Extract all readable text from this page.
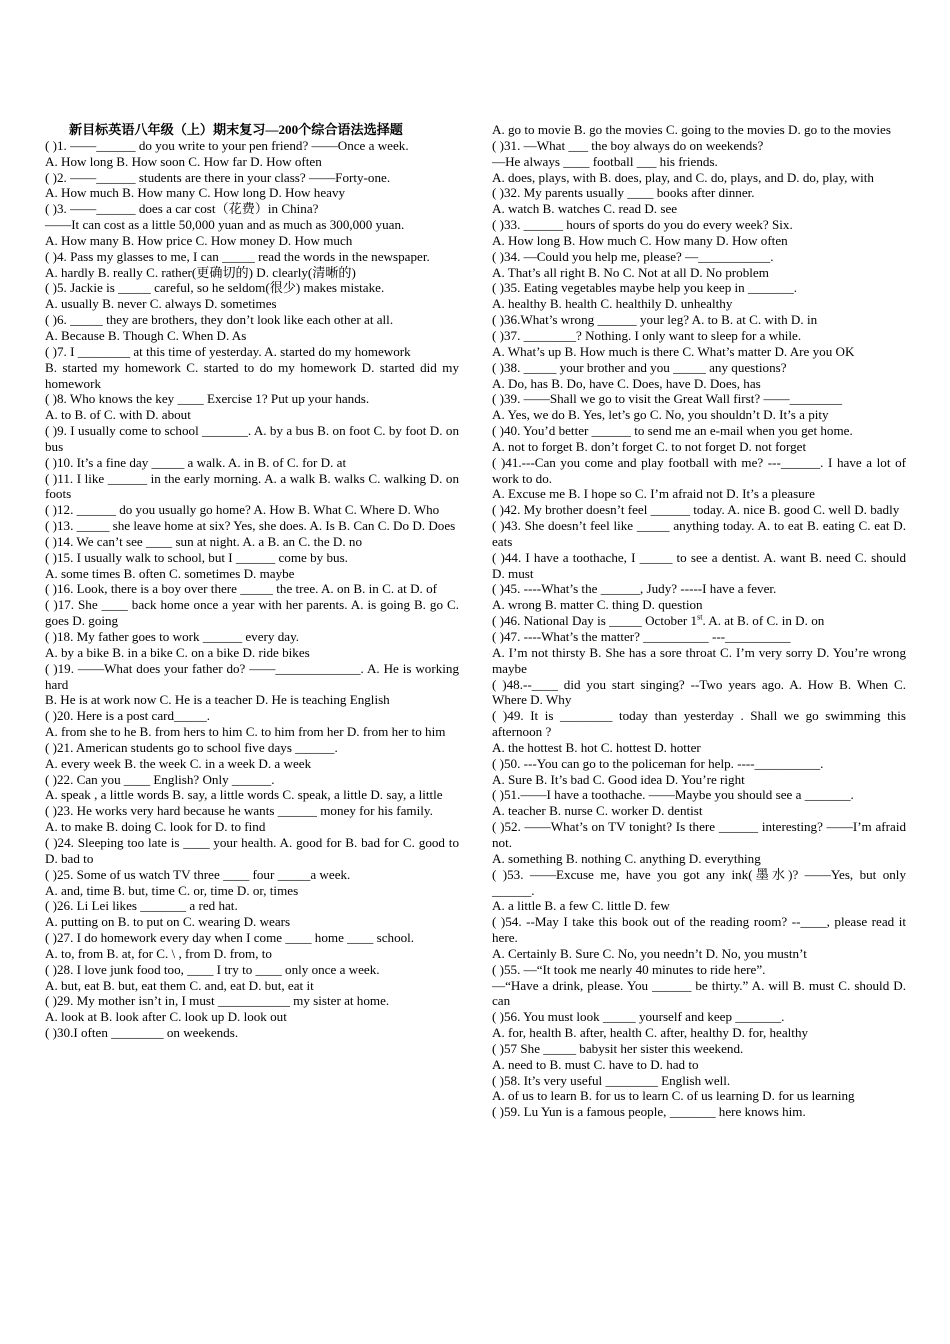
新目标英语八年级（上）期末复习—200个综合语法选择题
( )1. ——______ do you write to your pen friend? ——Once a week.
A. How long B. How soon C. How far D. How often
( )2. ——______ students are there in your class? ——Forty-one.
A. How much B. How many C. How long D. How heavy
( )3. ——______ does a car cost（花费）in China?
——It can cost as a little 50,000 yuan and as much as 300,000 yuan.
A. How many B. How price C. How money D. How much
( )4. Pass my glasses to me, I can _____ read the words in the newspaper.
A. hardly B. really C. rather(更确切的) D. clearly(清晰的)
( )5. Jackie is _____ careful, so he seldom(很少) makes mistake.
A. usually B. never C. always D. sometimes
( )6. _____ they are brothers, they don’t look like each other at all.
A. Because B. Though C. When D. As
( )7. I ________ at this time of yesterday. A. started do my homework
B. started my homework C. started to do my homework D. started did my homework
( )8. Who knows the key ____ Exercise 1? Put up your hands.
A. to B. of C. with D. about
( )9. I usually come to school _______. A. by a bus B. on foot C. by foot D. on bus
( )10. It’s a fine day _____ a walk. A. in B. of C. for D. at
( )11. I like ______ in the early morning. A. a walk B. walks C. walking D. on foots
( )12. ______ do you usually go home? A. How B. What C. Where D. Who
( )13. _____ she leave home at six? Yes, she does. A. Is B. Can C. Do D. Does
( )14. We can’t see ____ sun at night. A. a B. an C. the D. no
( )15. I usually walk to school, but I ______ come by bus.
A. some times B. often C. sometimes D. maybe
( )16. Look, there is a boy over there _____ the tree. A. on B. in C. at D. of
( )17. She ____ back home once a year with her parents. A. is going B. go C. goes D. going
( )18. My father goes to work ______ every day.
A. by a bike B. in a bike C. on a bike D. ride bikes
( )19. ——What does your father do? ——_____________. A. He is working hard
B. He is at work now C. He is a teacher D. He is teaching English
( )20. Here is a post card_____.
A. from she to he B. from hers to him C. to him from her D. from her to him
( )21. American students go to school five days ______.
A. every week B. the week C. in a week D. a week
( )22. Can you ____ English? Only ______.
A. speak , a little words B. say, a little words C. speak, a little D. say, a little
( )23. He works very hard because he wants ______ money for his family.
A. to make B. doing C. look for D. to find
( )24. Sleeping too late is ____ your health. A. good for B. bad for C. good to D. bad to
( )25. Some of us watch TV three ____ four _____a week.
A. and, time B. but, time C. or, time D. or, times
( )26. Li Lei likes _______ a red hat.
A. putting on B. to put on C. wearing D. wears
( )27. I do homework every day when I come ____ home ____ school.
A. to, from B. at, for C. \ , from D. from, to
( )28. I love junk food too, ____ I try to ____ only once a week.
A. but, eat B. but, eat them C. and, eat D. but, eat it
( )29. My mother isn’t in, I must ___________ my sister at home.
A. look at B. look after C. look up D. look out
( )30.I often ________ on weekends.
A. go to movie B. go the movies C. going to the movies D. go to the movies
( )31. —What ___ the boy always do on weekends?
—He always ____ football ___ his friends.
A. does, plays, with B. does, play, and C. do, plays, and D. do, play, with
( )32. My parents usually ____ books after dinner.
A. watch B. watches C. read D. see
( )33. ______ hours of sports do you do every week? Six.
A. How long B. How much C. How many D. How often
( )34. —Could you help me, please? —___________.
A. That’s all right B. No C. Not at all D. No problem
( )35. Eating vegetables maybe help you keep in _______.
A. healthy B. health C. healthily D. unhealthy
( )36.What’s wrong ______ your leg? A. to B. at C. with D. in
( )37. ________? Nothing. I only want to sleep for a while.
A. What’s up B. How much is there C. What’s matter D. Are you OK
( )38. _____ your brother and you _____ any questions?
A. Do, has B. Do, have C. Does, have D. Does, has
( )39. ——Shall we go to visit the Great Wall first? ——________
A. Yes, we do B. Yes, let’s go C. No, you shouldn’t D. It’s a pity
( )40. You’d better ______ to send me an e-mail when you get home.
A. not to forget B. don’t forget C. to not forget D. not forget
( )41.---Can you come and play football with me? ---______. I have a lot of work to do.
A. Excuse me B. I hope so C. I’m afraid not D. It’s a pleasure
( )42. My brother doesn’t feel ______ today. A. nice B. good C. well D. badly
( )43. She doesn’t feel like _____ anything today. A. to eat B. eating C. eat D. eats
( )44. I have a toothache, I _____ to see a dentist. A. want B. need C. should D. must
( )45. ----What’s the ______, Judy? -----I have a fever.
A. wrong B. matter C. thing D. question
( )46. National Day is _____ October 1st. A. at B. of C. in D. on
( )47. ----What’s the matter? __________ ---__________
A. I’m not thirsty B. She has a sore throat C. I’m very sorry D. You’re wrong maybe
( )48.--____ did you start singing? --Two years ago. A. How B. When C. Where D. Why
( )49. It is ________ today than yesterday . Shall we go swimming this afternoon ?
A. the hottest B. hot C. hottest D. hotter
( )50. ---You can go to the policeman for help. ----__________.
A. Sure B. It’s bad C. Good idea D. You’re right
( )51.——I have a toothache. ——Maybe you should see a _______.
A. teacher B. nurse C. worker D. dentist
( )52. ——What’s on TV tonight? Is there ______ interesting? ——I’m afraid not.
A. something B. nothing C. anything D. everything
( )53. ——Excuse me, have you got any ink(墨水)? ——Yes, but only ______.
A. a little B. a few C. little D. few
( )54. --May I take this book out of the reading room? --____, please read it here.
A. Certainly B. Sure C. No, you needn’t D. No, you mustn’t
( )55. —“It took me nearly 40 minutes to ride here”.
—“Have a drink, please. You ______ be thirty.” A. will B. must C. should D. can
( )56. You must look _____ yourself and keep _______.
A. for, health B. after, health C. after, healthy D. for, healthy
( )57 She _____ babysit her sister this weekend.
A. need to B. must C. have to D. had to
( )58. It’s very useful ________ English well.
A. of us to learn B. for us to learn C. of us learning D. for us learning
( )59. Lu Yun is a famous people, _______ here knows him.
